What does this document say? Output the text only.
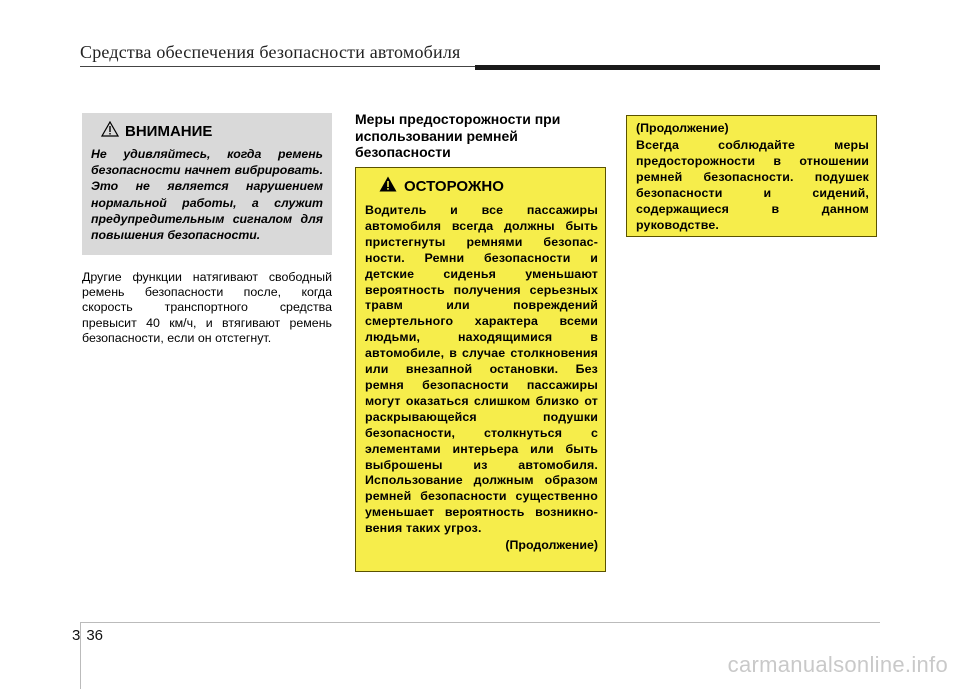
Средства обеспечения безопасности автомобиля
ВНИМАНИЕ
Не удивляйтесь, когда ремень безопасности начнет вибрировать. Это не является нарушением нормальной работы, а служит предупредительным сигналом для повышения безопасности.
Другие функции натягивают свободный ремень безопасности после, когда скорость транспортного средства превысит 40 км/ч, и втягивают ремень безопасности, если он отстегнут.
Меры предосторожности при использовании ремней безопасности
ОСТОРОЖНО
Водитель и все пассажиры автомобиля всегда должны быть пристегнуты ремнями безопас-ности. Ремни безопасности и детские сиденья уменьшают вероятность получения серьезных травм или повреждений смертельного характера всеми людьми, находящимися в автомобиле, в случае столкновения или внезапной остановки. Без ремня безопасности пассажиры могут оказаться слишком близко от раскрывающейся подушки безопасности, столкнуться с элементами интерьера или быть выброшены из автомобиля. Использование должным образом ремней безопасности существенно уменьшает вероятность возникно-вения таких угроз.
(Продолжение)
(Продолжение)
Всегда соблюдайте меры предосторожности в отношении ремней безопасности. подушек безопасности и сидений, содержащиеся в данном руководстве.
3 36
carmanualsonline.info
